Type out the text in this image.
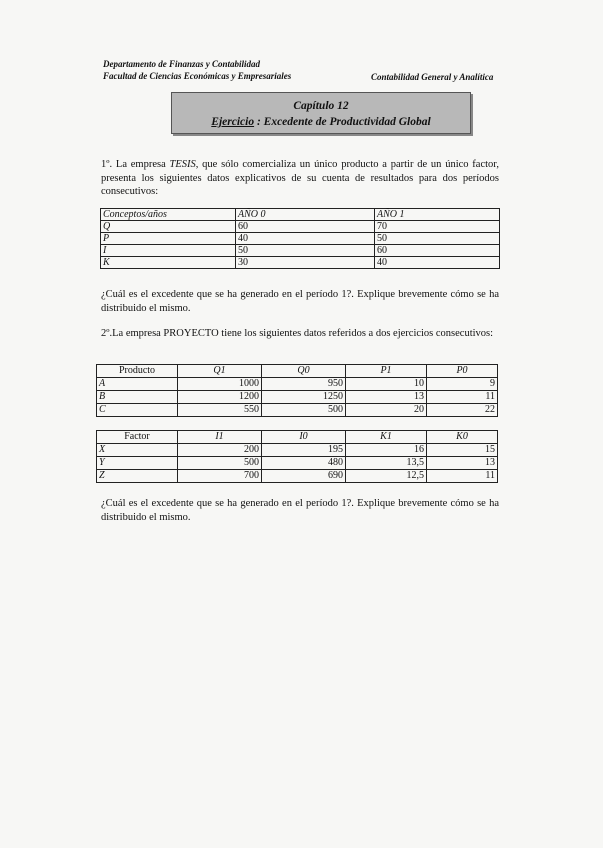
Departamento de Finanzas y Contabilidad
Facultad de Ciencias Económicas y Empresariales	Contabilidad General y Analítica
Capítulo 12
Ejercicio : Excedente de Productividad Global
1º. La empresa TESIS, que sólo comercializa un único producto a partir de un único factor, presenta los siguientes datos explicativos de su cuenta de resultados para dos períodos consecutivos:
Conceptos/años	AÑO 0	AÑO 1
Q	60	70
P	40	50
I	50	60
K	30	40
¿Cuál es el excedente que se ha generado en el período 1?. Explique brevemente cómo se ha distribuido el mismo.
2º.La empresa PROYECTO tiene los siguientes datos referidos a dos ejercicios consecutivos:
Producto	Q1	Q0	P1	P0
A	1000	950	10	9
B	1200	1250	13	11
C	550	500	20	22
Factor	I1	I0	K1	K0
X	200	195	16	15
Y	500	480	13,5	13
Z	700	690	12,5	11
¿Cuál es el excedente que se ha generado en el período 1?. Explique brevemente cómo se ha distribuido el mismo.
